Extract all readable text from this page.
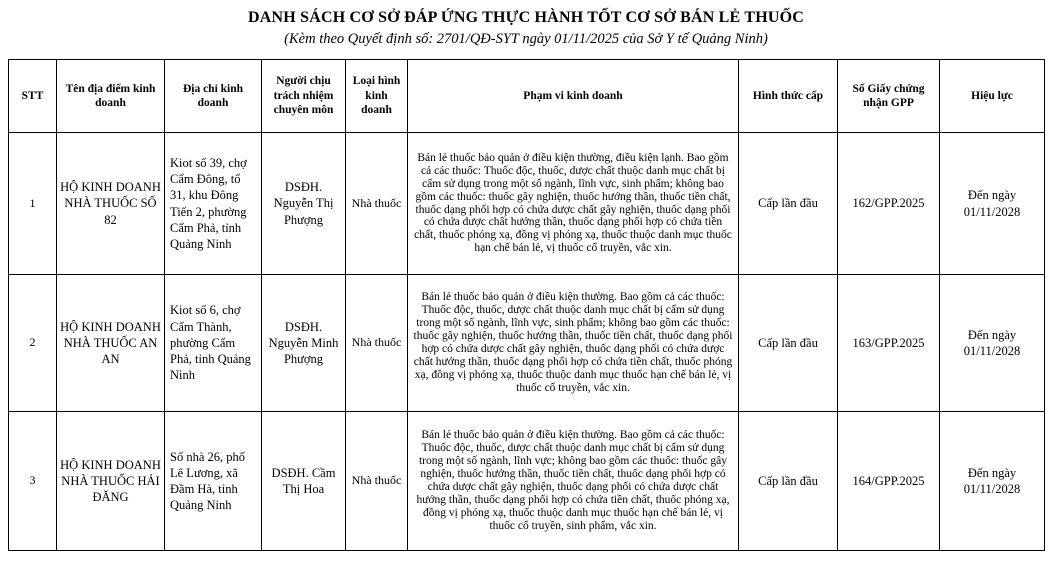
DANH SÁCH CƠ SỞ ĐÁP ỨNG THỰC HÀNH TỐT CƠ SỞ BÁN LẺ THUỐC
(Kèm theo Quyết định số: 2701/QĐ-SYT ngày 01/11/2025 của Sở Y tế Quảng Ninh)
STT	Tên địa điểm kinh doanh	Địa chỉ kinh doanh	Người chịu trách nhiệm chuyên môn	Loại hình kinh doanh	Phạm vi kinh doanh	Hình thức cấp	Số Giấy chứng nhận GPP	Hiệu lực
1	HỘ KINH DOANH NHÀ THUỐC SỐ 82	Kiot số 39, chợ Cẩm Đông, tổ 31, khu Đông Tiến 2, phường Cẩm Phả, tỉnh Quảng Ninh	DSĐH. Nguyễn Thị Phượng	Nhà thuốc	Bán lẻ thuốc bảo quản ở điều kiện thường, điều kiện lạnh. Bao gồm cả các thuốc: Thuốc độc, thuốc, dược chất thuộc danh mục chất bị cấm sử dụng trong một số ngành, lĩnh vực, sinh phẩm; không bao gồm các thuốc: thuốc gây nghiện, thuốc hướng thần, thuốc tiền chất, thuốc dạng phối hợp có chứa dược chất gây nghiện, thuốc dạng phối có chứa dược chất hướng thần, thuốc dạng phối hợp có chứa tiền chất, thuốc phóng xạ, đồng vị phóng xạ, thuốc thuộc danh mục thuốc hạn chế bán lẻ, vị thuốc cổ truyền, vắc xin.	Cấp lần đầu	162/GPP.2025	Đến ngày 01/11/2028
2	HỘ KINH DOANH NHÀ THUỐC AN AN	Kiot số 6, chợ Cẩm Thành, phường Cẩm Phả, tỉnh Quảng Ninh	DSĐH. Nguyễn Minh Phượng	Nhà thuốc	Bán lẻ thuốc bảo quản ở điều kiện thường. Bao gồm cả các thuốc: Thuốc độc, thuốc, dược chất thuộc danh mục chất bị cấm sử dụng trong một số ngành, lĩnh vực, sinh phẩm; không bao gồm các thuốc: thuốc gây nghiện, thuốc hướng thần, thuốc tiền chất, thuốc dạng phối hợp có chứa dược chất gây nghiện, thuốc dạng phối có chứa dược chất hướng thần, thuốc dạng phối hợp có chứa tiền chất, thuốc phóng xạ, đồng vị phóng xạ, thuốc thuộc danh mục thuốc hạn chế bán lẻ, vị thuốc cổ truyền, vắc xin.	Cấp lần đầu	163/GPP.2025	Đến ngày 01/11/2028
3	HỘ KINH DOANH NHÀ THUỐC HẢI ĐĂNG	Số nhà 26, phố Lê Lương, xã Đầm Hà, tỉnh Quảng Ninh	DSĐH. Cầm Thị Hoa	Nhà thuốc	Bán lẻ thuốc bảo quản ở điều kiện thường. Bao gồm cả các thuốc: Thuốc độc, thuốc, dược chất thuộc danh mục chất bị cấm sử dụng trong một số ngành, lĩnh vực; không bao gồm các thuốc: thuốc gây nghiện, thuốc hướng thần, thuốc tiền chất, thuốc dạng phối hợp có chứa dược chất gây nghiện, thuốc dạng phối có chứa dược chất hướng thần, thuốc dạng phối hợp có chứa tiền chất, thuốc phóng xạ, đồng vị phóng xạ, thuốc thuộc danh mục thuốc hạn chế bán lẻ, vị thuốc cổ truyền, sinh phẩm, vắc xin.	Cấp lần đầu	164/GPP.2025	Đến ngày 01/11/2028
